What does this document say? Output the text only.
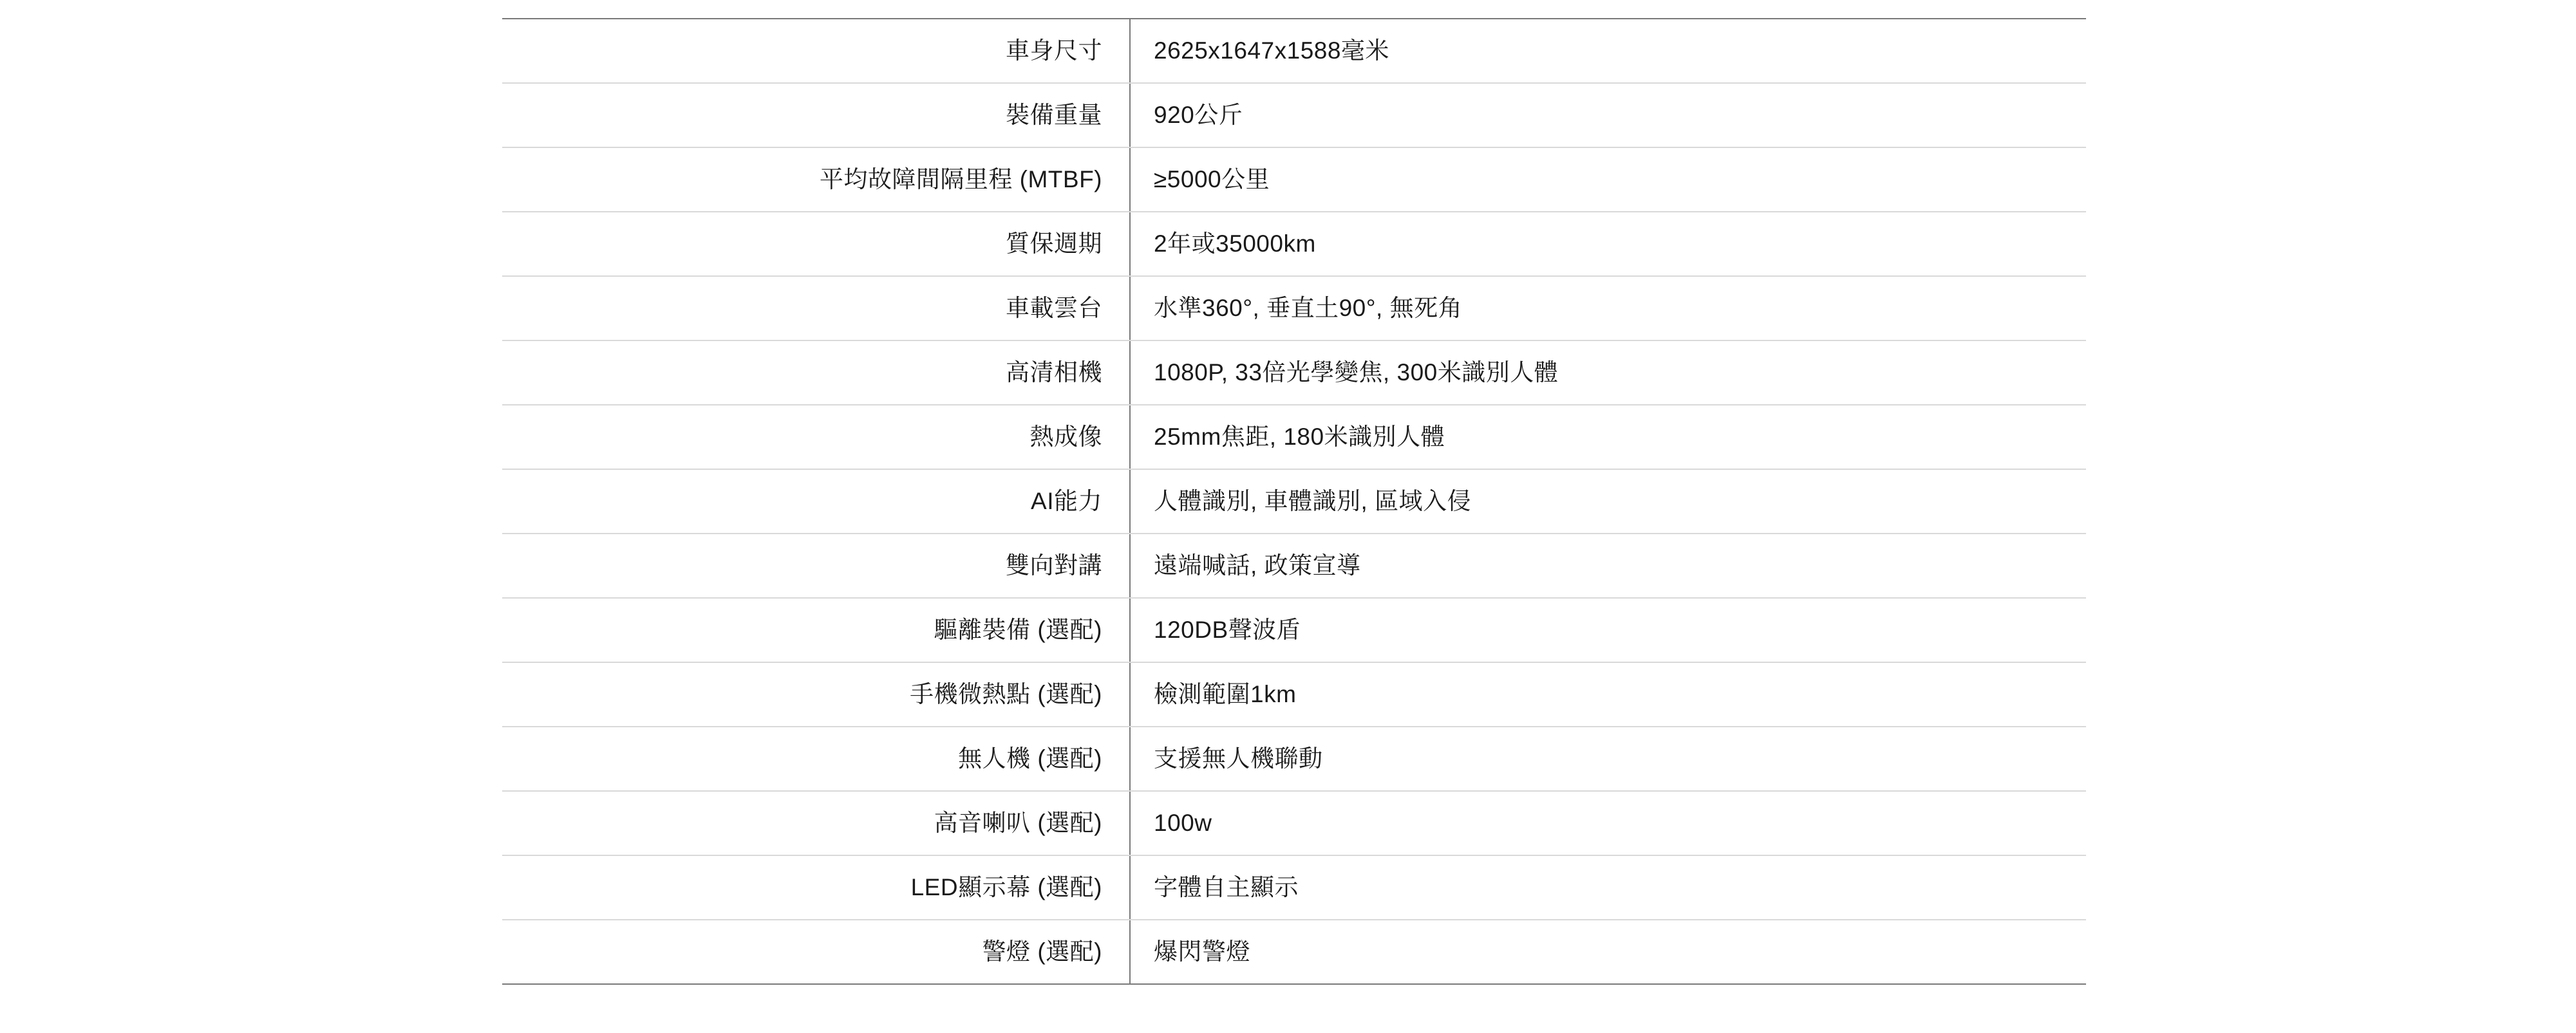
車身尺寸	2625x1647x1588毫米
裝備重量	920公斤
平均故障間隔里程 (MTBF)	≥5000公里
質保週期	2年或35000km
車載雲台	水準360°, 垂直土90°, 無死角
高清相機	1080P, 33倍光學變焦, 300米識別人體
熱成像	25mm焦距, 180米識別人體
AI能力	人體識別, 車體識別, 區域入侵
雙向對講	遠端喊話, 政策宣導
驅離裝備 (選配)	120DB聲波盾
手機微熱點 (選配)	檢測範圍1km
無人機 (選配)	支援無人機聯動
高音喇叭 (選配)	100w
LED顯示幕 (選配)	字體自主顯示
警燈 (選配)	爆閃警燈
